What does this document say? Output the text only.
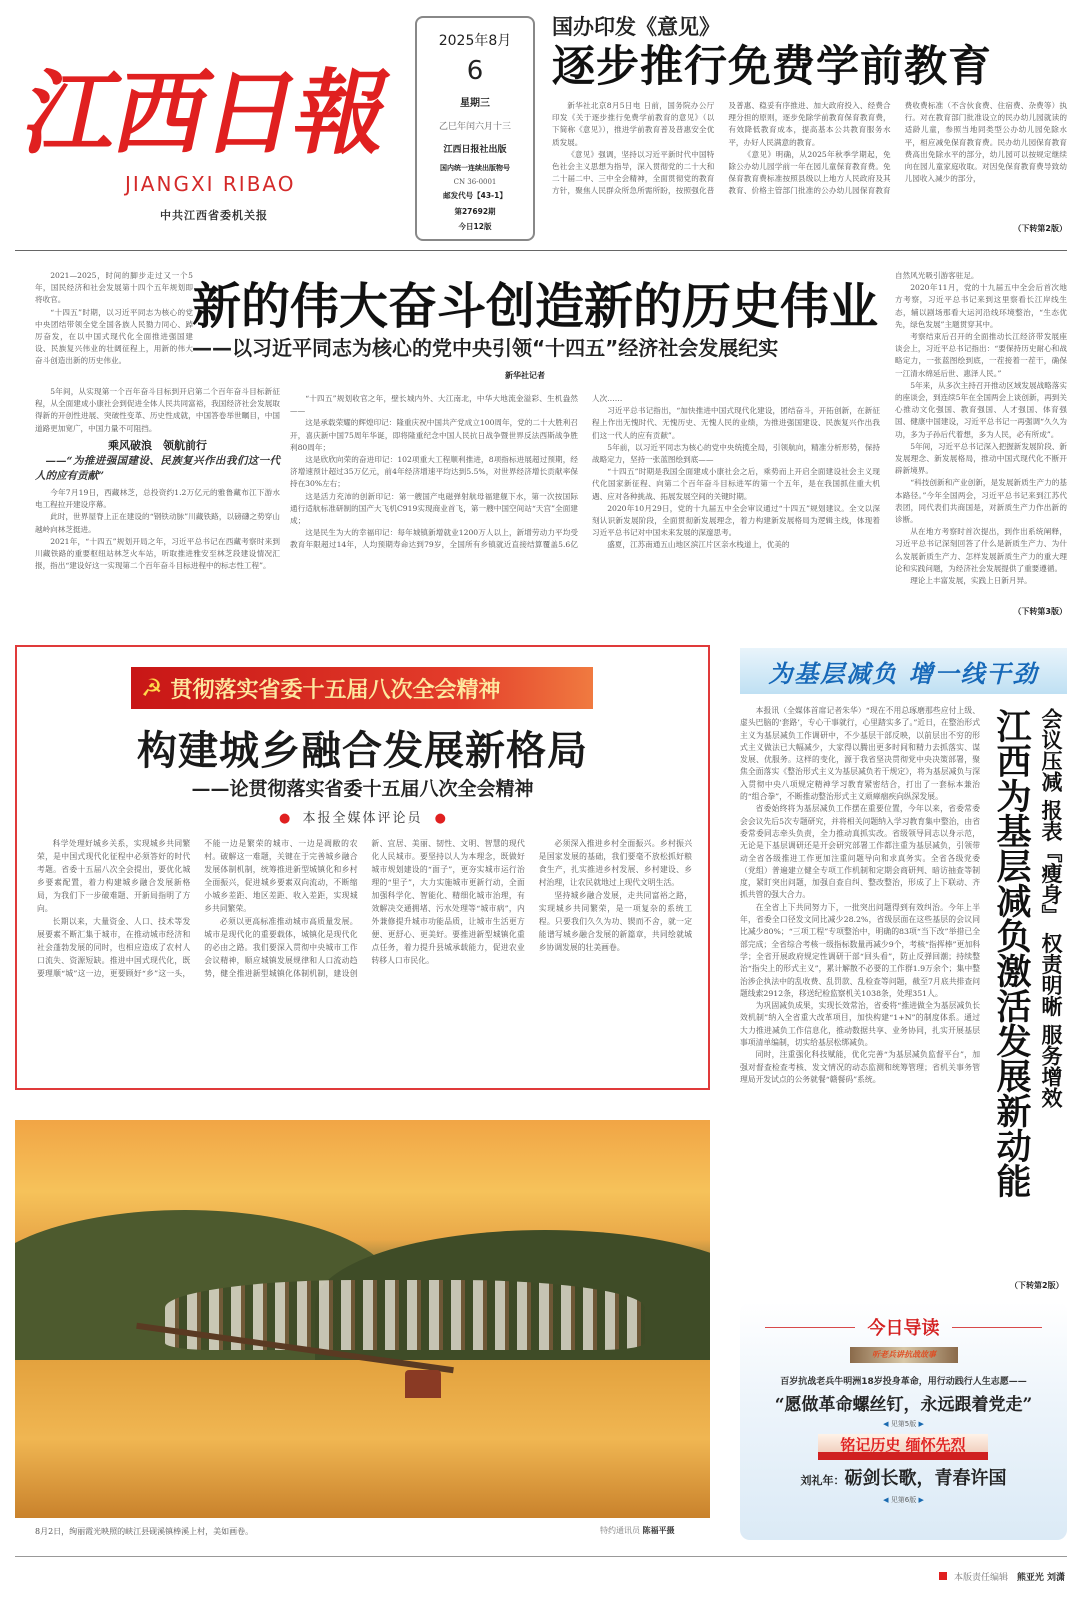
江西日報
JIANGXI RIBAO
中共江西省委机关报
2025年8月
6
星期三
乙巳年闰六月十三
江西日报社出版
国内统一连续出版物号
CN 36-0001
邮发代号【43-1】
第27692期
今日12版
国办印发《意见》
逐步推行免费学前教育

新华社北京8月5日电 日前，国务院办公厅印发《关于逐步推行免费学前教育的意见》（以下简称《意见》），推进学前教育普及普惠安全优质发展。

《意见》强调，坚持以习近平新时代中国特色社会主义思想为指导，深入贯彻党的二十大和二十届二中、三中全会精神，全面贯彻党的教育方针，聚焦人民群众所急所需所盼，按照强化普及普惠、稳妥有序推进、加大政府投入、经费合理分担的原则，逐步免除学前教育保育教育费，有效降低教育成本，提高基本公共教育服务水平，办好人民满意的教育。

《意见》明确，从2025年秋季学期起，免除公办幼儿园学前一年在园儿童保育教育费。免保育教育费标准按照县级以上地方人民政府及其教育、价格主管部门批准的公办幼儿园保育教育费收费标准（不含伙食费、住宿费、杂费等）执行。对在教育部门批准设立的民办幼儿园就读的适龄儿童，参照当地同类型公办幼儿园免除水平，相应减免保育教育费。民办幼儿园保育教育费高出免除水平的部分，幼儿园可以按规定继续向在园儿童家庭收取。对因免保育教育费导致幼儿园收入减少的部分，

（下转第2版）

2021—2025，时间的脚步走过又一个5年，国民经济和社会发展第十四个五年规划即将收官。

“十四五”时期，以习近平同志为核心的党中央团结带领全党全国各族人民勠力同心、踔厉奋发，在以中国式现代化全面推进强国建设、民族复兴伟业的壮阔征程上，用新的伟大奋斗创造出新的历史伟业。

新的伟大奋斗创造新的历史伟业
——以习近平同志为核心的党中央引领“十四五”经济社会发展纪实
新华社记者

5年间，从实现第一个百年奋斗目标到开启第二个百年奋斗目标新征程，从全面建成小康社会到促进全体人民共同富裕，我国经济社会发展取得新的开创性进展、突破性变革、历史性成就，中国答卷举世瞩目，中国道路更加宽广，中国力量不可阻挡。

乘风破浪　领航前行
——“为推进强国建设、民族复兴作出我们这一代人的应有贡献”

今年7月19日，西藏林芝，总投资约1.2万亿元的雅鲁藏布江下游水电工程拉开建设序幕。

此时，世界屋脊上正在建设的“钢铁动脉”川藏铁路，以磅礴之势穿山越岭向林芝挺进。

2021年，“十四五”规划开局之年，习近平总书记在西藏考察时来到川藏铁路的重要枢纽站林芝火车站，听取推进雅安至林芝段建设情况汇报，指出“建设好这一实现第二个百年奋斗目标进程中的标志性工程”。

“十四五”规划收官之年，壁长城内外、大江南北，中华大地流金溢彩、生机盎然——

这是承载荣耀的辉煌印记：隆重庆祝中国共产党成立100周年，党的二十大胜利召开，喜庆新中国75周年华诞，即将隆重纪念中国人民抗日战争暨世界反法西斯战争胜利80周年；

这是欣欣向荣的奋进印记：102项重大工程顺利推进，8项指标进展超过预期，经济增速预计超过35万亿元，前4年经济增速平均达到5.5%，对世界经济增长贡献率保持在30%左右；

这是活力充沛的创新印记：第一艘国产电磁弹射航母福建舰下水，第一次按国际通行适航标准研制的国产大飞机C919实现商业首飞，第一艘中国空间站“天宫”全面建成；

这是民生为大的幸福印记：每年城镇新增就业1200万人以上，新增劳动力平均受教育年限超过14年，人均预期寿命达到79岁，全国所有乡镇就近直接结算覆盖5.6亿人次……

习近平总书记指出，“加快推进中国式现代化建设，团结奋斗，开拓创新，在新征程上作出无愧时代、无愧历史、无愧人民的业绩，为推进强国建设、民族复兴作出我们这一代人的应有贡献”。

5年前，以习近平同志为核心的党中央统揽全局，引领航向，精准分析形势，保持战略定力，坚持一张蓝图绘到底——

“十四五”时期是我国全面建成小康社会之后，乘势而上开启全面建设社会主义现代化国家新征程、向第二个百年奋斗目标进军的第一个五年，是在我国抓住重大机遇、应对各种挑战、拓展发展空间的关键时期。

2020年10月29日，党的十九届五中全会审议通过“十四五”规划建议。全文以深刻认识新发展阶段，全面贯彻新发展理念，着力构建新发展格局为逻辑主线，体现着习近平总书记对中国未来发展的深邃思考。

盛夏，江苏南通五山地区滨江片区亲水栈道上，优美的

自然风光吸引游客驻足。

2020年11月，党的十九届五中全会后首次地方考察，习近平总书记来到这里察看长江岸线生态，辅以剧场那看大运河沿线环境整治，“生态优先，绿色发展”主题贯穿其中。

考察结束后召开的全面推动长江经济带发展座谈会上，习近平总书记指出：“要保持历史耐心和战略定力，一张蓝图绘到底，一茬接着一茬干，确保一江清水绵延后世、惠泽人民。”

5年来，从多次主持召开推动区域发展战略落实的座谈会，到连续5年在全国两会上谈创新，再到关心推动文化强国、教育强国、人才强国、体育强国、健康中国建设，习近平总书记一再强调“久久为功，多为子孙后代着想，多为人民，必有所成”。

5年间，习近平总书记深入把握新发展阶段、新发展理念、新发展格局，推动中国式现代化不断开辟新境界。

“科技创新和产业创新，是发展新质生产力的基本路径。”今年全国两会，习近平总书记来到江苏代表团，同代表们共商国是，对新质生产力作出新的诊断。

从在地方考察时首次提出，到作出系统阐释，习近平总书记深刻回答了什么是新质生产力、为什么发展新质生产力、怎样发展新质生产力的重大理论和实践问题，为经济社会发展提供了重要遵循。

理论上丰富发展，实践上日新月异。

（下转第3版）
☭ 贯彻落实省委十五届八次全会精神
构建城乡融合发展新格局
——论贯彻落实省委十五届八次全会精神
● 本报全媒体评论员 ●

科学处理好城乡关系，实现城乡共同繁荣，是中国式现代化征程中必须答好的时代考题。省委十五届八次全会提出，要优化城乡要素配置，着力构建城乡融合发展新格局，为我们下一步破难题、开新局指明了方向。

长期以来，大量资金、人口、技术等发展要素不断汇集于城市，在推动城市经济和社会蓬勃发展的同时，也相应造成了农村人口流失、资源短缺。推进中国式现代化，既要理顺“城”这一边，更要顾好“乡”这一头，不能一边是繁荣的城市、一边是凋敝的农村。破解这一难题，关键在于完善城乡融合发展体制机制，统筹推进新型城镇化和乡村全面振兴，促进城乡要素双向流动，不断缩小城乡差距、地区差距、收入差距，实现城乡共同繁荣。

必须以更高标准推动城市高质量发展。城市是现代化的重要载体，城镇化是现代化的必由之路。我们要深入贯彻中央城市工作会议精神，顺应城镇发展规律和人口流动趋势，健全推进新型城镇化体制机制，建设创新、宜居、美丽、韧性、文明、智慧的现代化人民城市。要坚持以人为本理念，既做好城市规划建设的“面子”，更夯实城市运行治理的“里子”，大力实施城市更新行动，全面加强科学化、智能化、精细化城市治理，有效解决交通拥堵、污水处理等“城市病”，内外兼修提升城市功能品质，让城市生活更方便、更舒心、更美好。要推进新型城镇化重点任务，着力提升县城承载能力，促进农业转移人口市民化。

必须深入推进乡村全面振兴。乡村振兴是国家发展的基础，我们要毫不放松抓好粮食生产，扎实推进乡村发展、乡村建设、乡村治理，让农民就地过上现代文明生活。

坚持城乡融合发展，走共同富裕之路，实现城乡共同繁荣，是一项复杂的系统工程。只要我们久久为功、锲而不舍，就一定能谱写城乡融合发展的新篇章，共同绘就城乡协调发展的壮美画卷。

8月2日，绚丽霞光映照的峡江县砚溪镇棒溪上村，美如画卷。	特约通讯员 陈福平摄
为基层减负 增一线干劲

本报讯（全媒体首席记者朱华）“现在不用总琢磨那些应付上级、虚头巴脑的‘套路’，专心干事就行，心里踏实多了。”近日，在整治形式主义为基层减负工作调研中，不少基层干部反映，以前层出不穷的形式主义做法已大幅减少，大家得以腾出更多时间和精力去抓落实、谋发展、优服务。这样的变化，源于我省坚决贯彻党中央决策部署，聚焦全面落实《整治形式主义为基层减负若干规定》，将为基层减负与深入贯彻中央八项规定精神学习教育紧密结合，打出了一套标本兼治的“组合拳”，不断推动整治形式主义顽瘴痼疾向纵深发展。

省委始终将为基层减负工作摆在重要位置，今年以来，省委常委会会议先后5次专题研究，并将相关问题纳入学习教育集中整治，由省委常委同志牵头负责，全力推动真抓实改。省级领导同志以身示范，无论是下基层调研还是开会研究部署工作都注重为基层减负，引领带动全省各级推进工作更加注重问题导向和求真务实。全省各级党委（党组）普遍建立健全专项工作机制和定期会商研判、暗访抽查等制度，紧盯突出问题，加强自查自纠、整改整治，形成了上下联动、齐抓共管的强大合力。

在全省上下共同努力下，一批突出问题得到有效纠治。今年上半年，省委全口径发文同比减少28.2%，省级层面在这些基层的会议同比减少80%；“三项工程”专项整治中，明确的83项“当下改”举措已全部完成；全省综合考核一级指标数量再减少9个，考核“指挥棒”更加科学；全省开展政府规定性调研干部“回头看”，防止反弹回潮；持续整治“指尖上的形式主义”，累计解散不必要的工作群1.9万余个；集中整治涉企执法中的乱收费、乱罚款、乱检查等问题，截至7月底共排查问题线索2912条，移送纪检监察机关1038条，处理351人。

为巩固减负成果，实现长效常治，省委将“推进做全为基层减负长效机制”纳入全省重大改革项目，加快构建“1+N”的制度体系。通过大力推进减负工作信息化，推动数据共享、业务协同，扎实开展基层事项清单编制，切实给基层松绑减负。

同时，注重强化科技赋能，优化完善“为基层减负监督平台”，加强对督查检查考核、发文情况的动态监测和统筹管理；省机关事务管理局开发试点的公务就餐“赣餐码”系统。	会议压减 报表『瘦身』 权责明晰 服务增效
江西为基层减负激活发展新动能
（下转第2版）
今日导读
听老兵讲抗战故事
百岁抗战老兵牛明洲18岁投身革命，用行动践行人生志愿——
“愿做革命螺丝钉，永远跟着党走”
◀ 见第5版 ▶
铭记历史 缅怀先烈
刘礼年：砺剑长歌，青春许国
◀ 见第6版 ▶
本版责任编辑 熊亚光 刘潇
